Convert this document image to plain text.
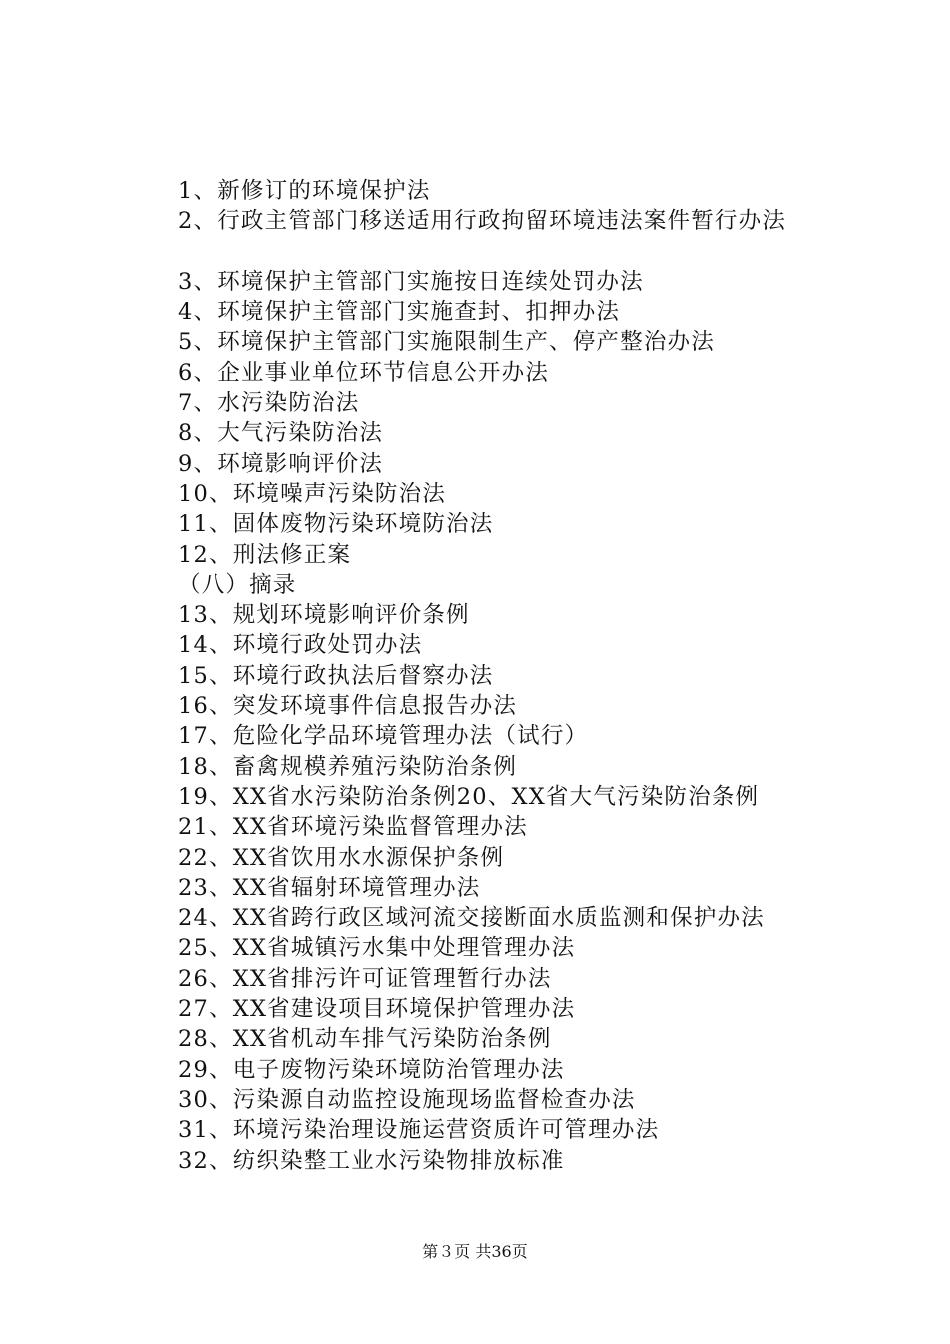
1、新修订的环境保护法
2、行政主管部门移送适用行政拘留环境违法案件暂行办法
3、环境保护主管部门实施按日连续处罚办法
4、环境保护主管部门实施查封、扣押办法
5、环境保护主管部门实施限制生产、停产整治办法
6、企业事业单位环节信息公开办法
7、水污染防治法
8、大气污染防治法
9、环境影响评价法
10、环境噪声污染防治法
11、固体废物污染环境防治法
12、刑法修正案
（八）摘录
13、规划环境影响评价条例
14、环境行政处罚办法
15、环境行政执法后督察办法
16、突发环境事件信息报告办法
17、危险化学品环境管理办法（试行）
18、畜禽规模养殖污染防治条例
19、XX省水污染防治条例20、XX省大气污染防治条例
21、XX省环境污染监督管理办法
22、XX省饮用水水源保护条例
23、XX省辐射环境管理办法
24、XX省跨行政区域河流交接断面水质监测和保护办法
25、XX省城镇污水集中处理管理办法
26、XX省排污许可证管理暂行办法
27、XX省建设项目环境保护管理办法
28、XX省机动车排气污染防治条例
29、电子废物污染环境防治管理办法
30、污染源自动监控设施现场监督检查办法
31、环境污染治理设施运营资质许可管理办法
32、纺织染整工业水污染物排放标准
第３页 共36页
